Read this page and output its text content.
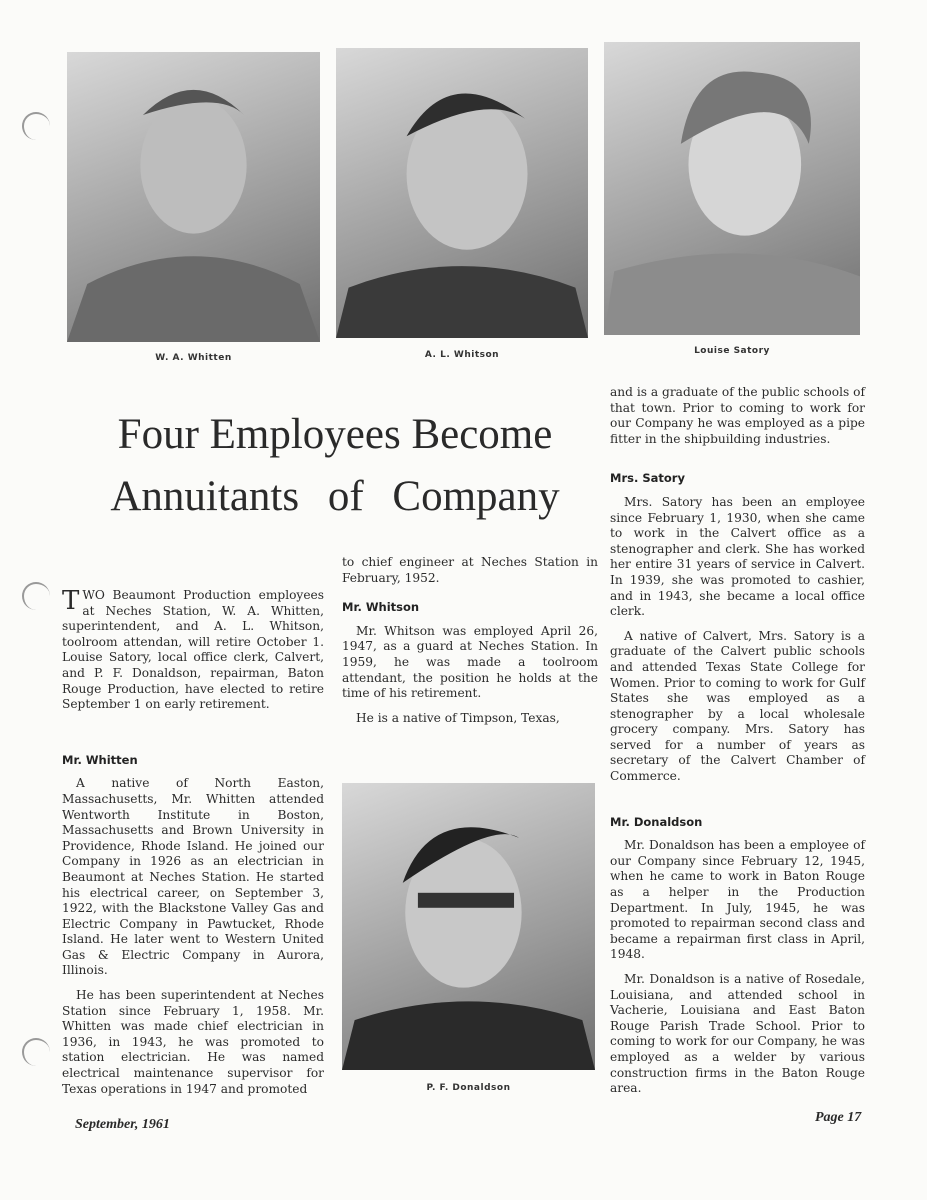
W. A. Whitten	A. L. Whitson	Louise Satory
P. F. Donaldson
Four Employees Become
Annuitants of Company

TWO Beaumont Production employees at Neches Station, W. A. Whitten, superintendent, and A. L. Whitson, toolroom attendan, will retire October 1. Louise Satory, local office clerk, Calvert, and P. F. Donaldson, repairman, Baton Rouge Production, have elected to retire September 1 on early retirement.

Mr. Whitten

A native of North Easton, Massachusetts, Mr. Whitten attended Wentworth Institute in Boston, Massachusetts and Brown University in Providence, Rhode Island. He joined our Company in 1926 as an electrician in Beaumont at Neches Station. He started his electrical career, on September 3, 1922, with the Blackstone Valley Gas and Electric Company in Pawtucket, Rhode Island. He later went to Western United Gas & Electric Company in Aurora, Illinois.

He has been superintendent at Neches Station since February 1, 1958. Mr. Whitten was made chief electrician in 1936, in 1943, he was promoted to station electrician. He was named electrical maintenance supervisor for Texas operations in 1947 and promoted

to chief engineer at Neches Station in February, 1952.

Mr. Whitson

Mr. Whitson was employed April 26, 1947, as a guard at Neches Station. In 1959, he was made a toolroom attendant, the position he holds at the time of his retirement.

He is a native of Timpson, Texas,

and is a graduate of the public schools of that town. Prior to coming to work for our Company he was employed as a pipe fitter in the shipbuilding industries.

Mrs. Satory

Mrs. Satory has been an employee since February 1, 1930, when she came to work in the Calvert office as a stenographer and clerk. She has worked her entire 31 years of service in Calvert. In 1939, she was promoted to cashier, and in 1943, she became a local office clerk.

A native of Calvert, Mrs. Satory is a graduate of the Calvert public schools and attended Texas State College for Women. Prior to coming to work for Gulf States she was employed as a stenographer by a local wholesale grocery company. Mrs. Satory has served for a number of years as secretary of the Calvert Chamber of Commerce.

Mr. Donaldson

Mr. Donaldson has been a employee of our Company since February 12, 1945, when he came to work in Baton Rouge as a helper in the Production Department. In July, 1945, he was promoted to repairman second class and became a repairman first class in April, 1948.

Mr. Donaldson is a native of Rosedale, Louisiana, and attended school in Vacherie, Louisiana and East Baton Rouge Parish Trade School. Prior to coming to work for our Company, he was employed as a welder by various construction firms in the Baton Rouge area.

September, 1961	Page 17
